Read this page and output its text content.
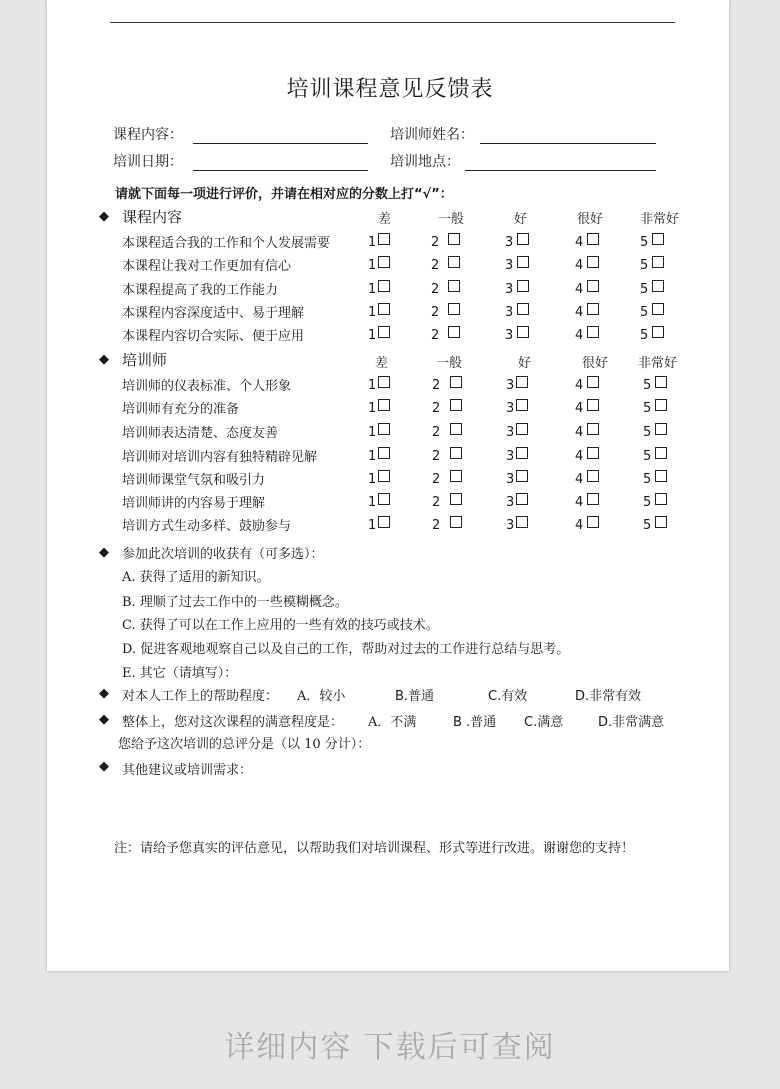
培训课程意见反馈表
课程内容：	培训师姓名：
培训日期：	培训地点：
请就下面每一项进行评价，并请在相对应的分数上打“√”：
◆ 课程内容	差	一般	好	很好	非常好
本课程适合我的工作和个人发展需要	1	2	3	4	5
本课程让我对工作更加有信心	1	2	3	4	5
本课程提高了我的工作能力	1	2	3	4	5
本课程内容深度适中、易于理解	1	2	3	4	5
本课程内容切合实际、便于应用	1	2	3	4	5
◆ 培训师	差	一般	好	很好 非常好
培训师的仪表标准、个人形象	1	2	3	4	5
培训师有充分的准备	1	2	3	4	5
培训师表达清楚、态度友善	1	2	3	4	5
培训师对培训内容有独特精辟见解	1	2	3	4	5
培训师课堂气氛和吸引力	1	2	3	4	5
培训师讲的内容易于理解	1	2	3	4	5
培训方式生动多样、鼓励参与	1	2	3	4	5
◆ 参加此次培训的收获有（可多选）：
A. 获得了适用的新知识。
B. 理顺了过去工作中的一些模糊概念。
C. 获得了可以在工作上应用的一些有效的技巧或技术。
D. 促进客观地观察自己以及自己的工作，帮助对过去的工作进行总结与思考。
E. 其它（请填写）：
◆ 对本人工作上的帮助程度： A．较小	B.普通	C.有效	D.非常有效
◆ 整体上，您对这次课程的满意程度是： A．不满	B .普通 C.满意	D.非常满意
您给予这次培训的总评分是（以 10 分计）：
◆ 其他建议或培训需求：
注：请给予您真实的评估意见，以帮助我们对培训课程、形式等进行改进。谢谢您的支持！
详细内容 下载后可查阅
